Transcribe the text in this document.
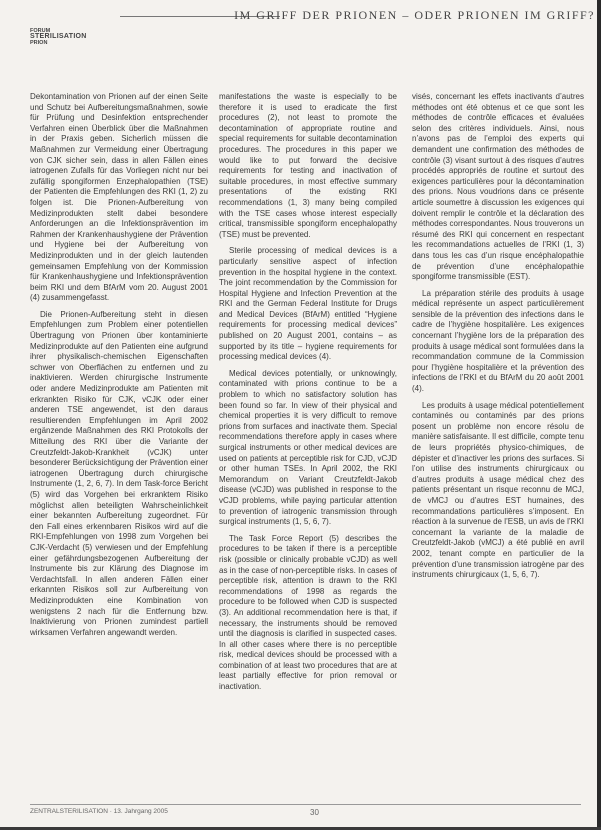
IM GRIFF DER PRIONEN – ODER PRIONEN IM GRIFF?
FORUM
STERILISATION
PRION

Dekontamination von Prionen auf der einen Seite und Schutz bei Aufbereitungsmaßnahmen, sowie für Prüfung und Desinfektion entsprechender Verfahren einen Überblick über die Maßnahmen in der Praxis geben. Sicherlich müssen die Maßnahmen zur Vermeidung einer Übertragung von CJK sicher sein, dass in allen Fällen eines iatrogenen Zufalls für das Vorliegen nicht nur bei zufällig spongiformen Enzephalopathien (TSE) der Patienten die Empfehlungen des RKI (1, 2) zu folgen ist. Die Prionen-Aufbereitung von Medizinprodukten stellt dabei besondere Anforderungen an die Infektionsprävention im Rahmen der Krankenhaushygiene der Prävention und Hygiene bei der Aufbereitung von Medizinprodukten und in der gleich lautenden gemeinsamen Empfehlung von der Kommission für Krankenhaushygiene und Infektionsprävention beim RKI und dem BfArM vom 20. August 2001 (4) zusammengefasst.

Die Prionen-Aufbereitung steht in diesen Empfehlungen zum Problem einer potentiellen Übertragung von Prionen über kontaminierte Medizinprodukte auf den Patienten eine aufgrund ihrer physikalisch-chemischen Eigenschaften schwer von Oberflächen zu entfernen und zu inaktivieren. Werden chirurgische Instrumente oder andere Medizinprodukte am Patienten mit erkrankten Risiko für CJK, vCJK oder einer anderen TSE angewendet, ist den daraus resultierenden Empfehlungen im April 2002 ergänzende Maßnahmen des RKI Protokolls der Mitteilung des RKI über die Variante der Creutzfeldt-Jakob-Krankheit (vCJK) unter besonderer Berücksichtigung der Prävention einer iatrogenen Übertragung durch chirurgische Instrumente (1, 2, 6, 7). In dem Task-force Bericht (5) wird das Vorgehen bei erkranktem Risiko möglichst allen beteiligten Wahrscheinlichkeit einer bekannten Aufbereitung zugeordnet. Für den Fall eines erkennbaren Risikos wird auf die RKI-Empfehlungen von 1998 zum Vorgehen bei CJK-Verdacht (5) verwiesen und der Empfehlung einer gefährdungsbezogenen Aufbereitung der Instrumente bis zur Klärung des Diagnose im Verdachtsfall. In allen anderen Fällen einer erkannten Risikos soll zur Aufbereitung von Medizinprodukten eine Kombination von wenigstens 2 nach für die Entfernung bzw. Inaktivierung von Prionen zumindest partiell wirksamen Verfahren angewandt werden.

manifestations the waste is especially to be therefore it is used to eradicate the first procedures (2), not least to promote the decontamination of appropriate routine and special requirements for suitable decontamination procedures. The procedures in this paper we would like to put forward the decisive requirements for testing and inactivation of suitable procedures, in most effective summary presentations of the existing RKI recommendations (1, 3) many being compiled with the TSE cases whose interest especially critical, transmissible spongiform encephalopathy (TSE) must be prevented.

Sterile processing of medical devices is a particularly sensitive aspect of infection prevention in the hospital hygiene in the context. The joint recommendation by the Commission for Hospital Hygiene and Infection Prevention at the RKI and the German Federal Institute for Drugs and Medical Devices (BfArM) entitled “Hygiene requirements for processing medical devices” published on 20 August 2001, contains – as supported by its title – hygiene requirements for processing medical devices (4).

Medical devices potentially, or unknowingly, contaminated with prions continue to be a problem to which no satisfactory solution has been found so far. In view of their physical and chemical properties it is very difficult to remove prions from surfaces and inactivate them. Special recommendations therefore apply in cases where surgical instruments or other medical devices are used on patients at perceptible risk for CJD, vCJD or other human TSEs. In April 2002, the RKI Memorandum on Variant Creutzfeldt-Jakob disease (vCJD) was published in response to the vCJD problems, while paying particular attention to prevention of iatrogenic transmission through surgical instruments (1, 5, 6, 7).

The Task Force Report (5) describes the procedures to be taken if there is a perceptible risk (possible or clinically probable vCJD) as well as in the case of non-perceptible risks. In cases of perceptible risk, attention is drawn to the RKI recommendations of 1998 as regards the procedure to be followed when CJD is suspected (3). An additional recommendation here is that, if necessary, the instruments should be removed until the diagnosis is clarified in suspected cases. In all other cases where there is no perceptible risk, medical devices should be processed with a combination of at least two procedures that are at least partially effective for prion removal or inactivation.

visés, concernant les effets inactivants d’autres méthodes ont été obtenus et ce que sont les méthodes de contrôle efficaces et évaluées selon des critères individuels. Ainsi, nous n’avons pas de l’emploi des experts qui demandent une confirmation des méthodes de contrôle (3) visant surtout à des risques d’autres procédés appropriés de routine et surtout des exigences particulières pour la décontamination des prions. Nous voudrions dans ce présente article soumettre à discussion les exigences qui doivent remplir le contrôle et la déclaration des méthodes correspondantes. Nous trouverons un résumé des RKI qui concernent en respectant les recommandations actuelles de l’RKI (1, 3) dans tous les cas d’un risque encéphalopathie de prévention d’une encéphalopathie spongiforme transmissible (EST).

La préparation stérile des produits à usage médical représente un aspect particulièrement sensible de la prévention des infections dans le cadre de l’hygiène hospitalière. Les exigences concernant l’hygiène lors de la préparation des produits à usage médical sont formulées dans la recommandation commune de la Commission pour l’hygiène hospitalière et la prévention des infections de l’RKI et du BfArM du 20 août 2001 (4).

Les produits à usage médical potentiellement contaminés ou contaminés par des prions posent un problème non encore résolu de manière satisfaisante. Il est difficile, compte tenu de leurs propriétés physico-chimiques, de dépister et d’inactiver les prions des surfaces. Si l’on utilise des instruments chirurgicaux ou d’autres produits à usage médical chez des patients présentant un risque reconnu de MCJ, de vMCJ ou d’autres EST humaines, des recommandations particulières s’imposent. En réaction à la survenue de l’ESB, un avis de l’RKI concernant la variante de la maladie de Creutzfeldt-Jakob (vMCJ) a été publié en avril 2002, tenant compte en particulier de la prévention d’une transmission iatrogène par des instruments chirurgicaux (1, 5, 6, 7).

ZENTRALSTERILISATION · 13. Jahrgang 2005	30
